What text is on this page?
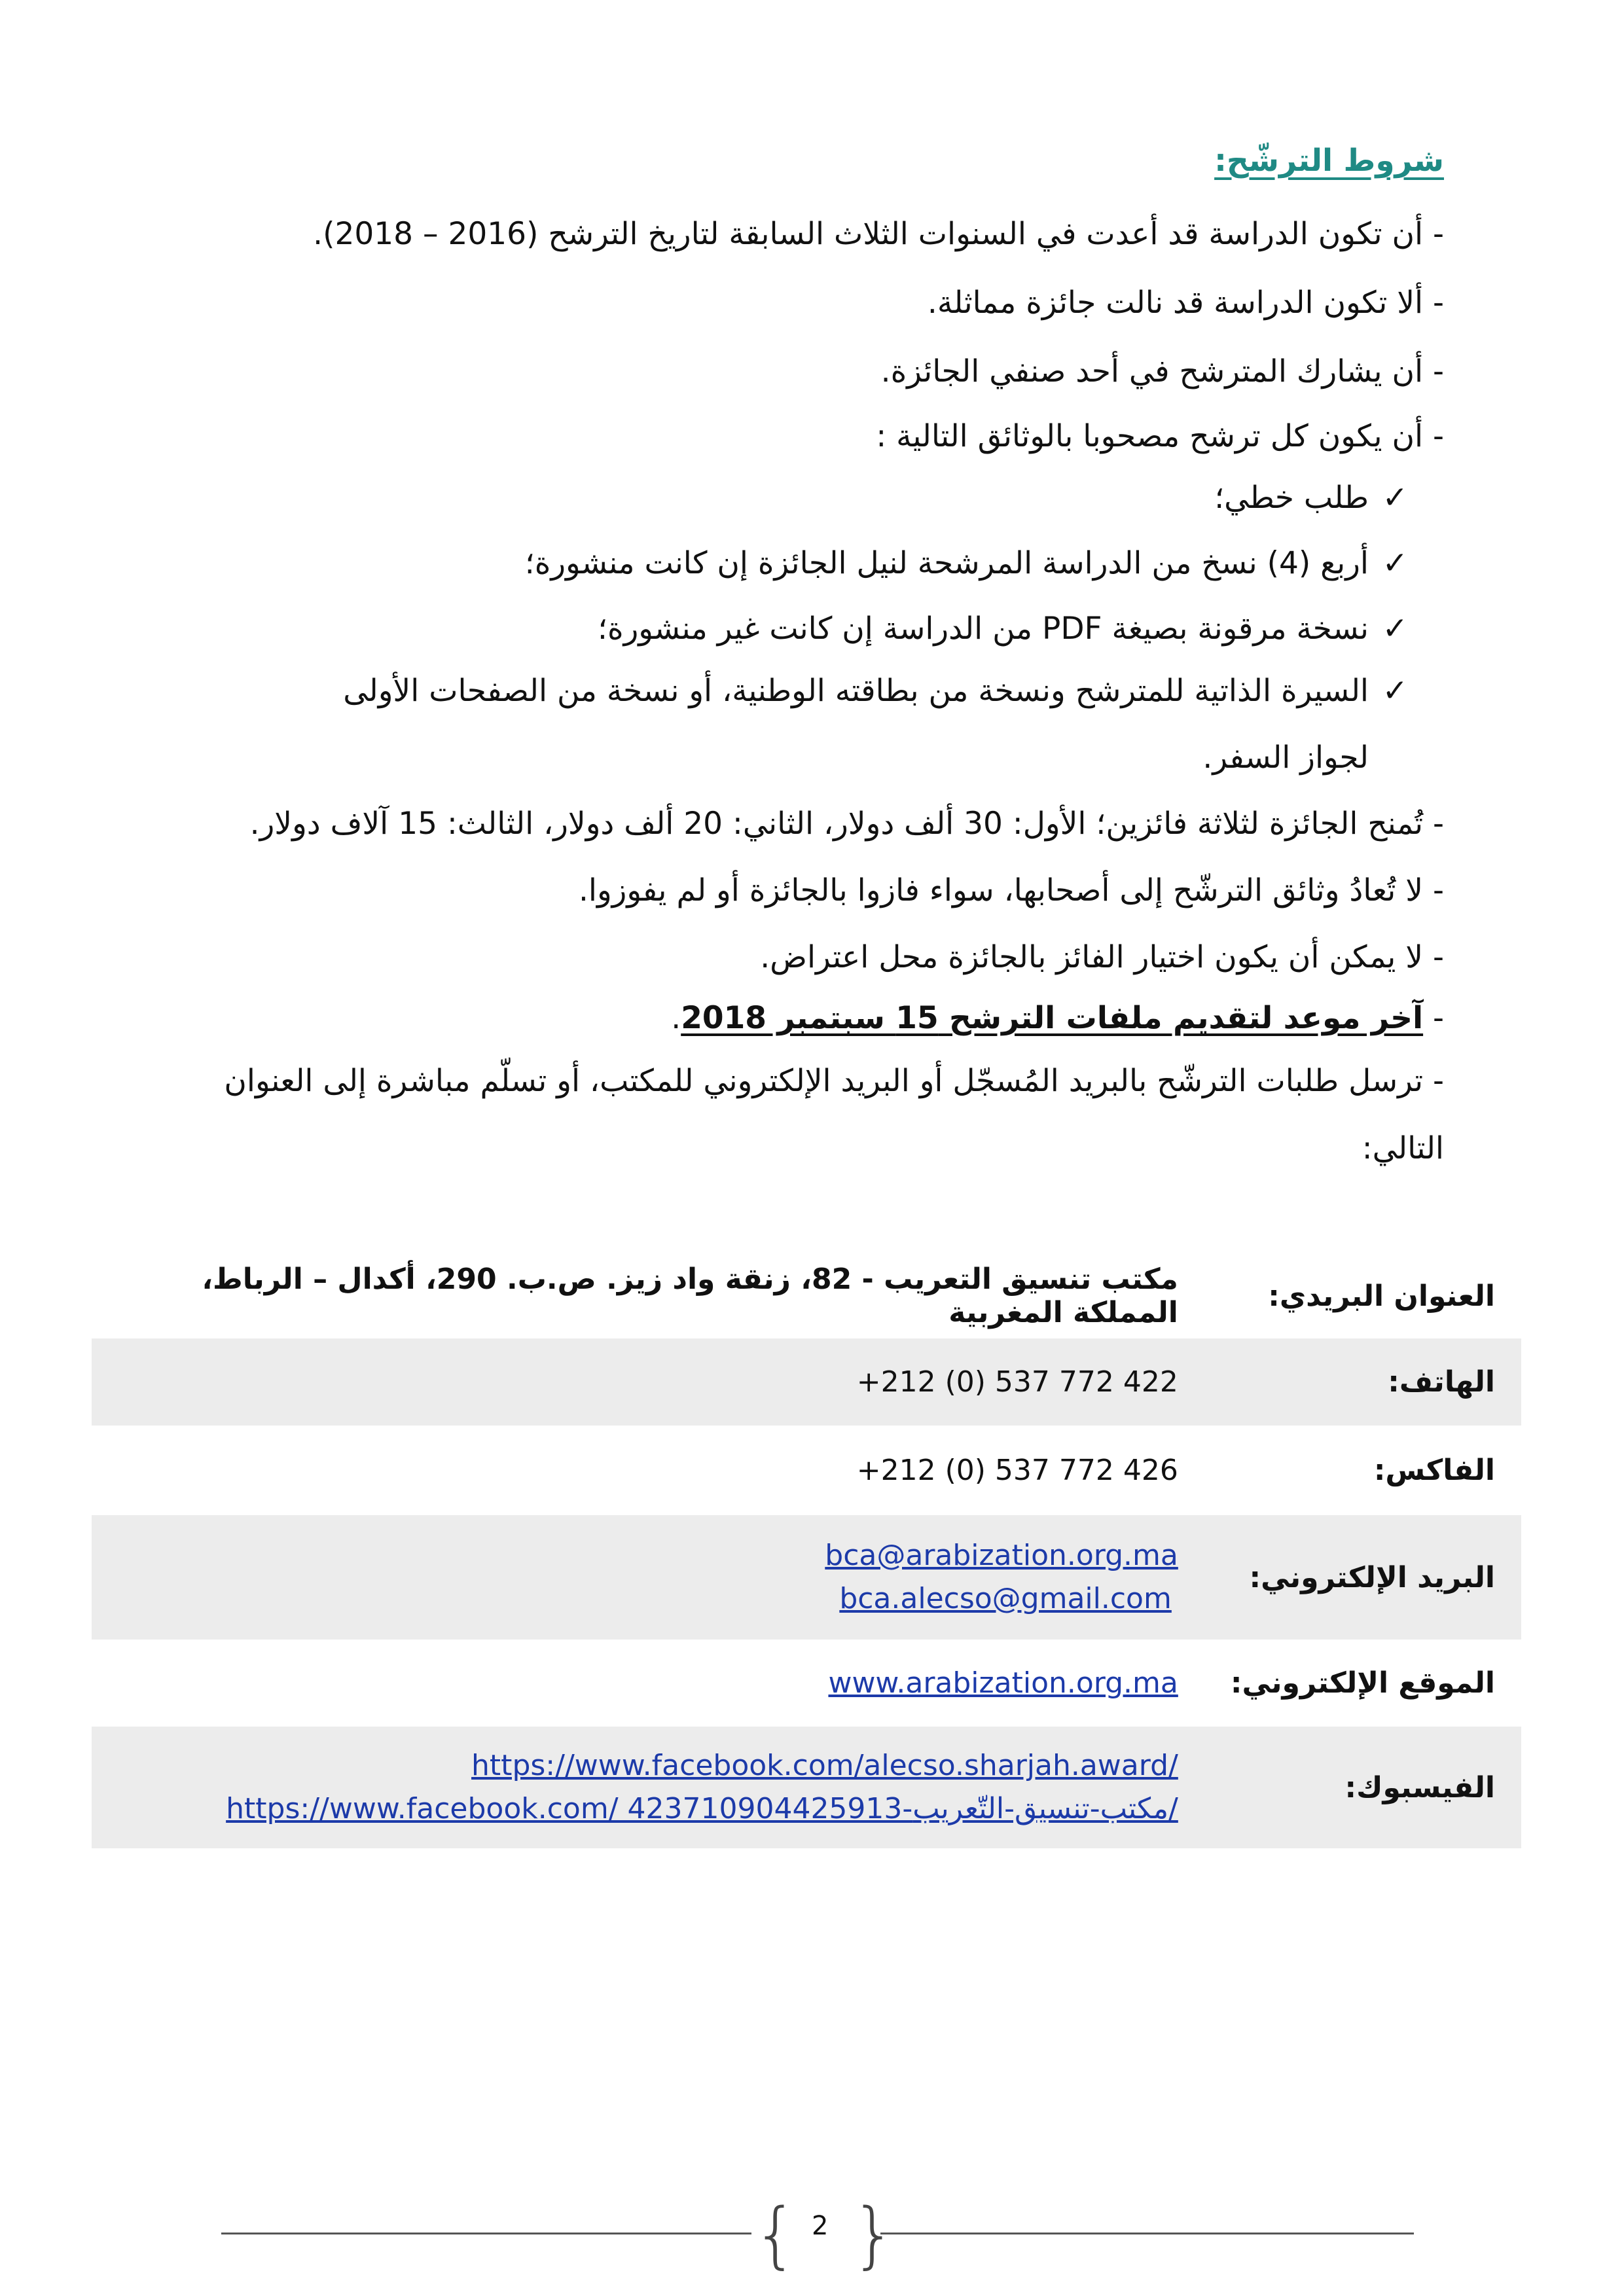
شروط الترشّح:
- أن تكون الدراسة قد أعدت في السنوات الثلاث السابقة لتاريخ الترشح (2016 – 2018).
- ألا تكون الدراسة قد نالت جائزة مماثلة.
- أن يشارك المترشح في أحد صنفي الجائزة.
- أن يكون كل ترشح مصحوبا بالوثائق التالية :
✓طلب خطي؛
✓أربع (4) نسخ من الدراسة المرشحة لنيل الجائزة إن كانت منشورة؛
✓نسخة مرقونة بصيغة PDF من الدراسة إن كانت غير منشورة؛
✓السيرة الذاتية للمترشح ونسخة من بطاقته الوطنية، أو نسخة من الصفحات الأولى
لجواز السفر.
- تُمنح الجائزة لثلاثة فائزين؛ الأول: 30 ألف دولار، الثاني: 20 ألف دولار، الثالث: 15 آلاف دولار.
- لا تُعادُ وثائق الترشّح إلى أصحابها، سواء فازوا بالجائزة أو لم يفوزوا.
- لا يمكن أن يكون اختيار الفائز بالجائزة محل اعتراض.
- آخر موعد لتقديم ملفات الترشح 15 سبتمبر 2018.
- ترسل طلبات الترشّح بالبريد المُسجّل أو البريد الإلكتروني للمكتب، أو تسلّم مباشرة إلى العنوان التالي:
العنوان البريدي:	مكتب تنسيق التعريب - 82، زنقة واد زيز. ص.ب. 290، أكدال – الرباط، المملكة المغربية
الهاتف:	+212 (0) 537 772 422
الفاكس:	+212 (0) 537 772 426
البريد الإلكتروني:	bca@arabization.org.ma
bca.alecso@gmail.com

الموقع الإلكتروني:	www.arabization.org.ma
الفيسبوك:	https://www.facebook.com/alecso.sharjah.award/
https://www.facebook.com/ 423710904425913-مكتب-تنسيق-التّعريب/
{ }
2
